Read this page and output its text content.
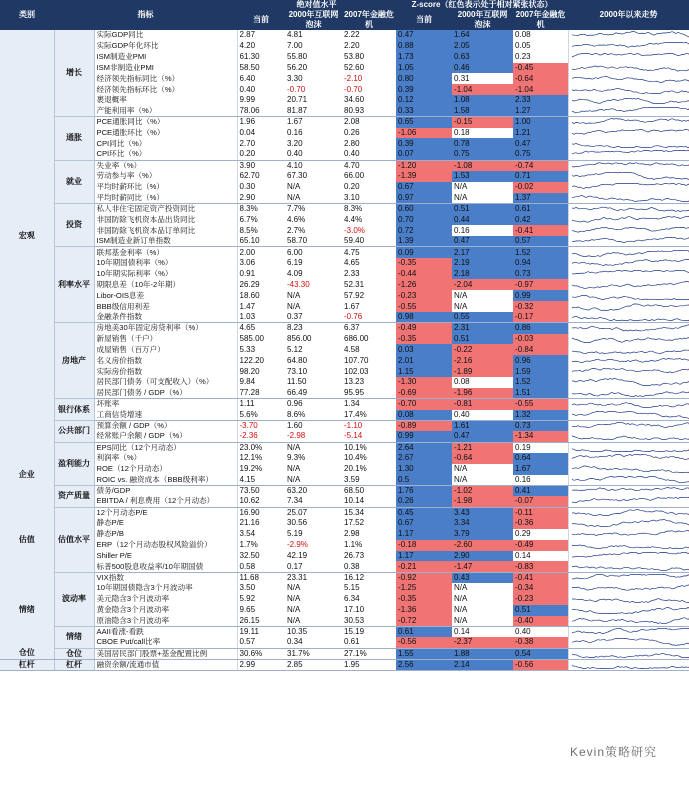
类别	指标		绝对值水平			Z-score（红色表示处于相对紧张状态）			2000年以来走势
			当前	2000年互联网泡沫	2007年金融危机	当前	2000年互联网泡沫	2007年金融危机	
宏观	增长	实际GDP同比	2.87	4.81	2.22	0.47	1.64	0.08	

		实际GDP年化环比	4.20	7.00	2.20	0.88	2.05	0.05	

		ISM制造业PMI	61.30	55.80	53.80	1.73	0.63	0.23	

		ISM非制造业PMI	58.50	56.20	52.60	1.05	0.46	-0.45	

		经济领先指标同比（%）	6.40	3.30	-2.10	0.80	0.31	-0.64	

		经济领先指标环比（%）	0.40	-0.70	-0.70	0.39	-1.04	-1.04	

		裹退概率	9.99	20.71	34.60	0.12	1.08	2.33	

		产能利用率（%）	78.06	81.87	80.93	0.33	1.58	1.27	

	通胀	PCE通胀同比（%）	1.96	1.67	2.08	0.65	-0.15	1.00	

		PCE通胀环比（%）	0.04	0.16	0.26	-1.06	0.18	1.21	

		CPI同比（%）	2.70	3.20	2.80	0.39	0.78	0.47	

		CPI环比（%）	0.20	0.40	0.40	0.07	0.75	0.75	

	就业	失业率（%）	3.90	4.10	4.70	-1.20	-1.08	-0.74	

		劳动参与率（%）	62.70	67.30	66.00	-1.39	1.53	0.71	

		平均时薪环比（%）	0.30	N/A	0.20	0.67	N/A	-0.02	

		平均时薪同比（%）	2.90	N/A	3.10	0.97	N/A	1.37	

	投资	私人非住宅固定资产投资同比	8.3%	7.7%	8.3%	0.60	0.51	0.61	

		非国防除飞机资本品出货同比	6.7%	4.6%	4.4%	0.70	0.44	0.42	

		非国防除飞机资本品订单同比	8.5%	2.7%	-3.0%	0.72	0.16	-0.41	

		ISM制造业新订单指数	65.10	58.70	59.40	1.39	0.47	0.57	

	利率水平	联邦基金利率（%）	2.00	6.00	4.75	0.09	2.17	1.52	

		10年期国债利率（%）	3.06	6.19	4.65	-0.35	2.19	0.94	

		10年期实际利率（%）	0.91	4.09	2.33	-0.44	2.18	0.73	

		期限息差（10年-2年期）	26.29	-43.30	52.31	-1.26	-2.04	-0.97	

		Libor-OIS息差	18.60	N/A	57.92	-0.23	N/A	0.99	

		BBB级信用利差	1.47	N/A	1.67	-0.55	N/A	-0.32	

		金融条件指数	1.03	0.37	-0.76	0.98	0.55	-0.17	

	房地产	房地美30年固定房贷利率（%）	4.65	8.23	6.37	-0.49	2.31	0.86	

		新屋销售（千户）	585.00	856.00	686.00	-0.35	0.51	-0.03	

		成屋销售（百万户）	5.33	5.12	4.58	0.03	-0.22	-0.84	

		名义房价指数	122.20	64.80	107.70	2.01	-2.16	0.96	

		实际房价指数	98.20	73.10	102.03	1.15	-1.89	1.59	

		居民部门债务（可支配收入）（%）	9.84	11.50	13.23	-1.30	0.08	1.52	

		居民部门债务 / GDP（%）	77.28	66.49	95.95	-0.69	-1.96	1.51	

	银行体系	坏账率	1.11	0.96	1.34	-0.70	-0.81	-0.55	

		工商信贷增速	5.6%	8.6%	17.4%	0.08	0.40	1.32	

	公共部门	预算余额 / GDP（%）	-3.70	1.60	-1.10	-0.89	1.61	0.73	

		经常账户余额 / GDP（%）	-2.36	-2.98	-5.14	0.99	0.47	-1.34	

企业	盈利能力	EPS同比（12个月动态）	23.0%	N/A	10.1%	2.64	-1.21	0.19	

		利润率（%）	12.1%	9.3%	10.4%	2.67	-0.64	0.64	

		ROE（12个月动态）	19.2%	N/A	20.1%	1.30	N/A	1.67	

		ROIC vs. 融资成本（BBB级利率）	4.15	N/A	3.59	0.5	N/A	0.16	

	资产质量	债务/GDP	73.50	63.20	68.50	1.76	-1.02	0.41	

		EBITDA / 利息费用（12个月动态）	10.62	7.34	10.14	0.26	-1.98	-0.07	

估值	估值水平	12个月动态P/E	16.90	25.07	15.34	0.45	3.43	-0.11	

		静态P/E	21.16	30.56	17.52	0.67	3.34	-0.36	

		静态P/B	3.54	5.19	2.98	1.17	3.79	0.29	

		ERP（12个月动态股权风险溢价）	1.7%	-2.9%	1.1%	-0.18	-2.60	-0.49	

		Shiller P/E	32.50	42.19	26.73	1.17	2.90	0.14	

		标普500股息收益率/10年期国债	0.58	0.17	0.38	-0.21	-1.47	-0.83	

情绪	波动率	VIX指数	11.68	23.31	16.12	-0.92	0.43	-0.41	

		10年期国债隐含3个月波动率	3.50	N/A	5.15	-1.25	N/A	-0.34	

		美元隐含3个月波动率	5.92	N/A	6.34	-0.35	N/A	-0.23	

		黄金隐含3个月波动率	9.65	N/A	17.10	-1.36	N/A	0.51	

		原油隐含3个月波动率	26.15	N/A	30.53	-0.72	N/A	-0.40	

	情绪	AAII看涨-看跌	19.11	10.35	15.19	0.61	0.14	0.40	

		CBOE Put/call比率	0.57	0.34	0.61	-0.56	-2.37	-0.38	

仓位	仓位	美国居民部门股票+基金配置比例	30.6%	31.7%	27.1%	1.55	1.88	0.54	

杠杆	杠杆	融资余额/流通市值	2.99	2.85	1.95	2.56	2.14	-0.56	
Kevin策略研究
